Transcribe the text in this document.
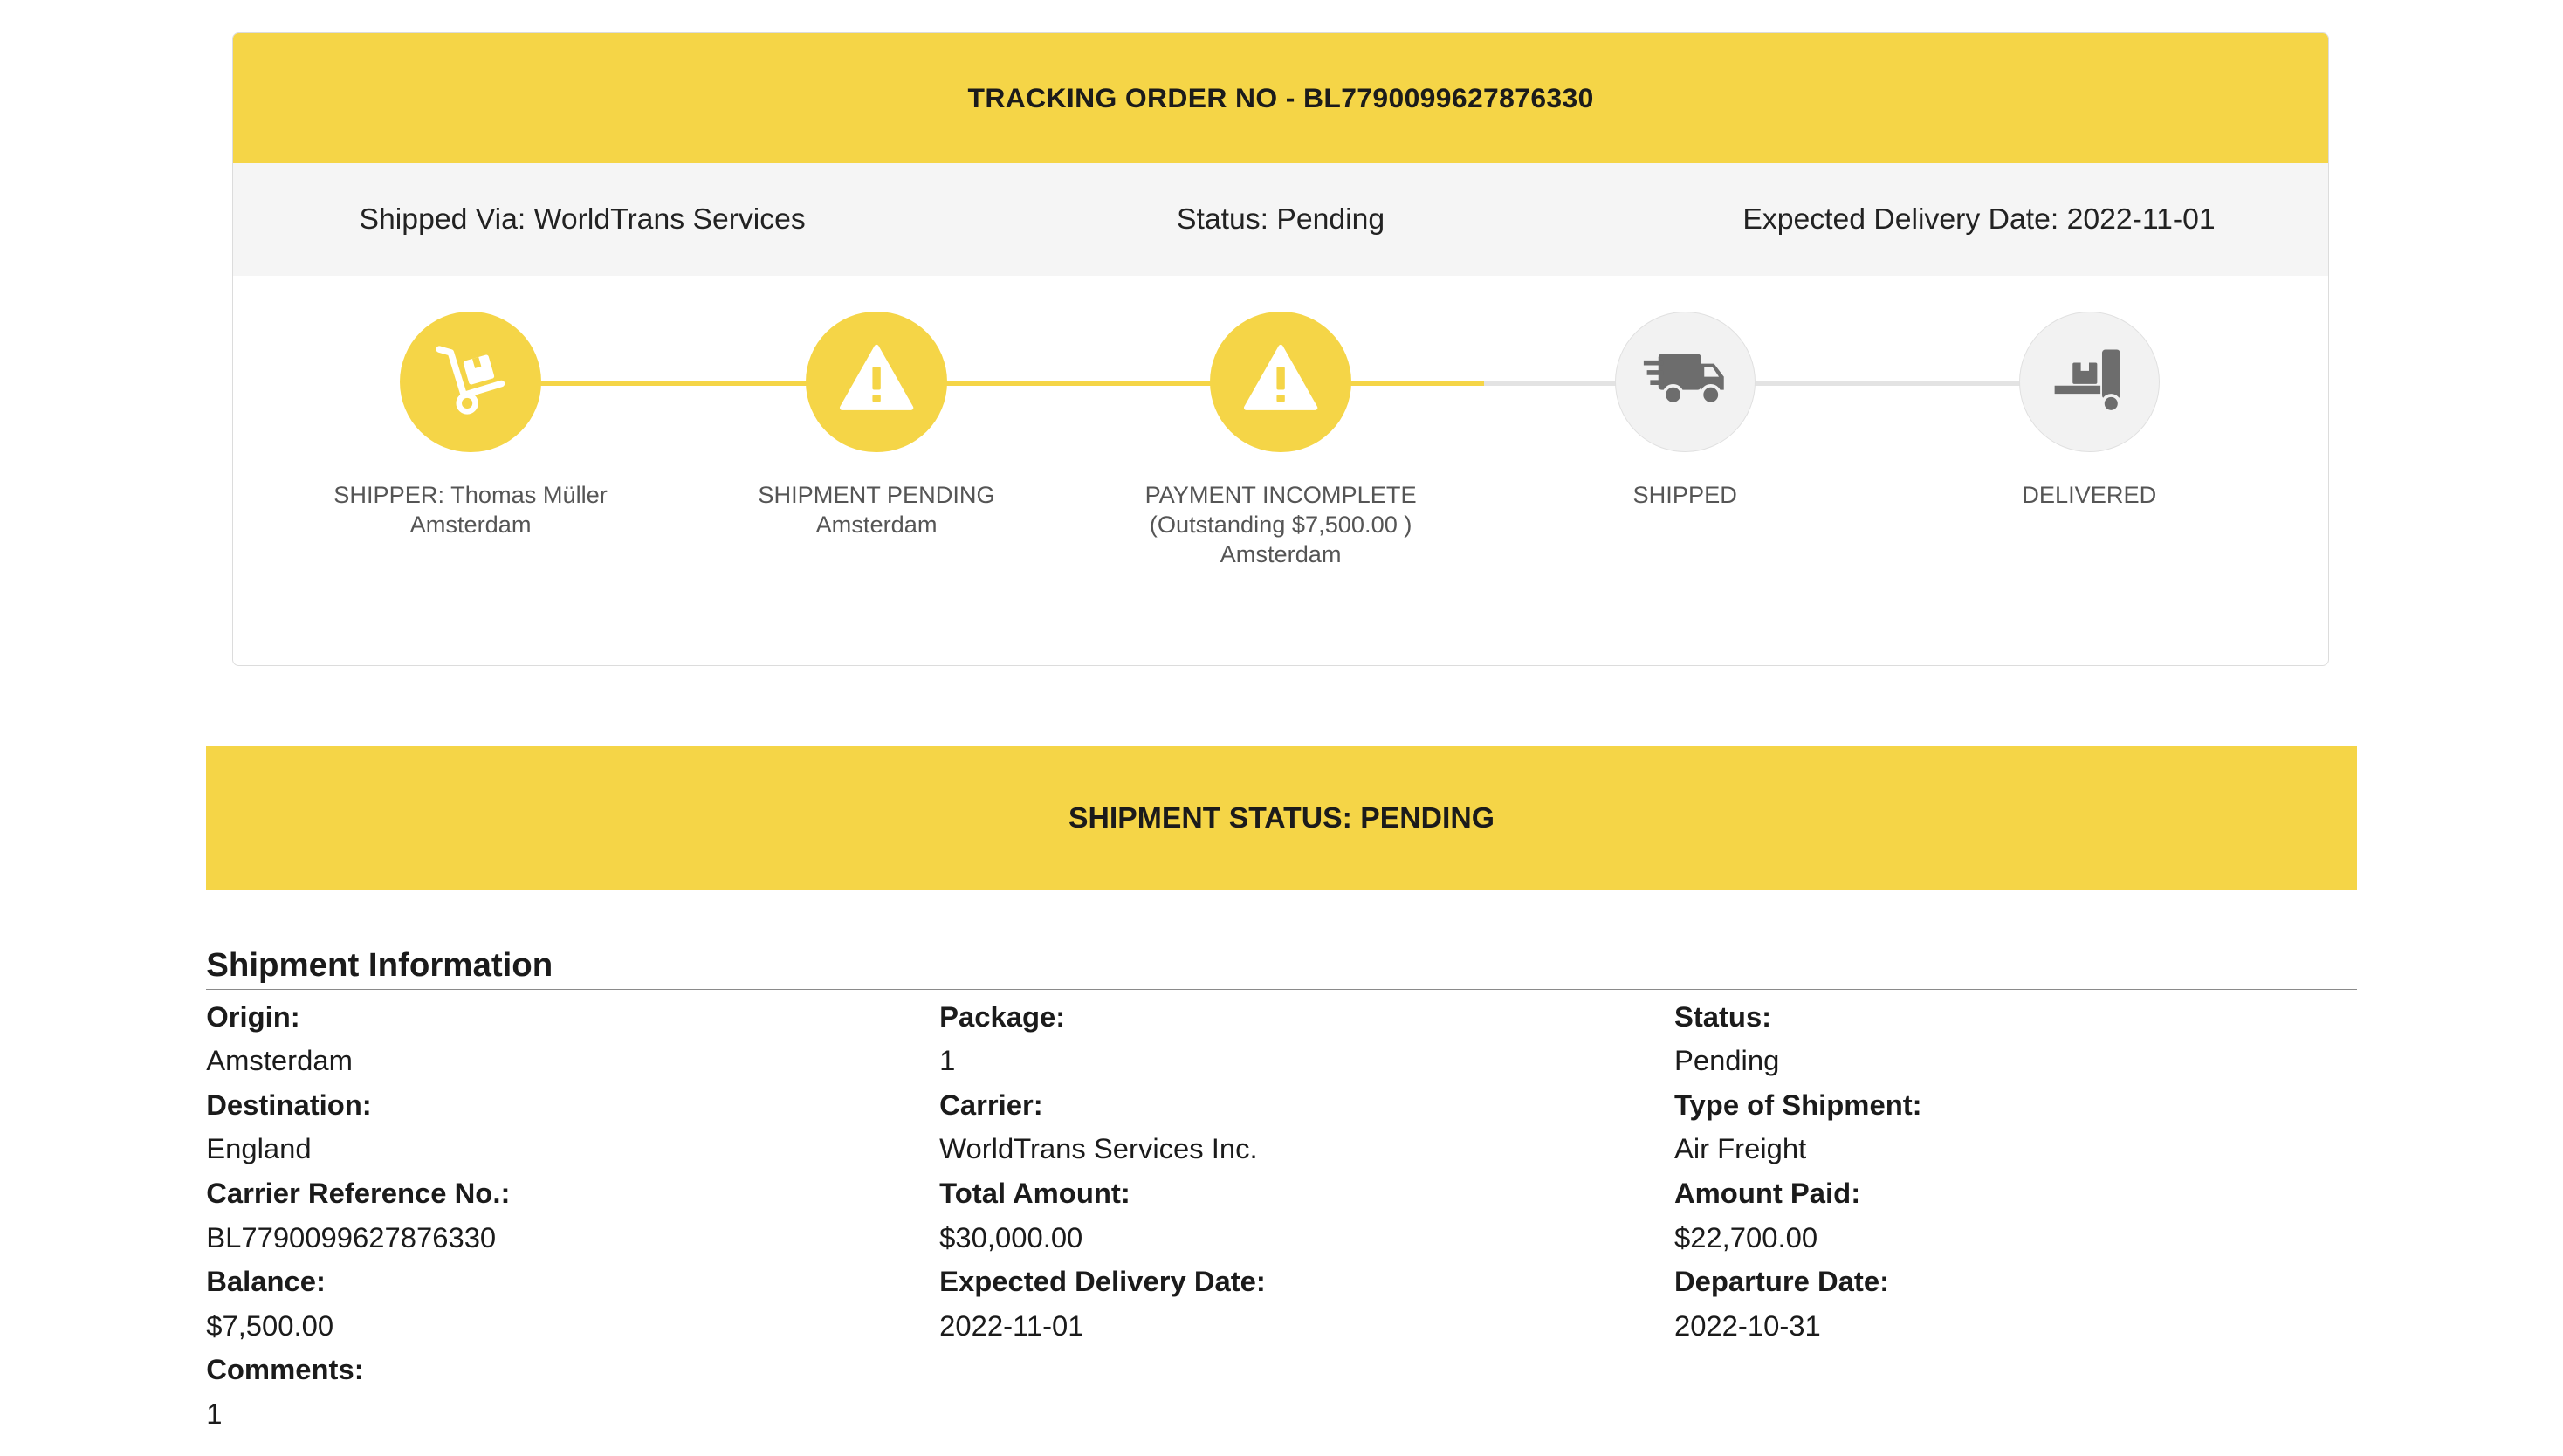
TRACKING ORDER NO - BL7790099627876330
Shipped Via: WorldTrans Services	Status: Pending	Expected Delivery Date: 2022-11-01
SHIPPER: Thomas Müller
Amsterdam
SHIPMENT PENDING
Amsterdam
PAYMENT INCOMPLETE
(Outstanding $7,500.00 )
Amsterdam
SHIPPED	DELIVERED
SHIPMENT STATUS: PENDING
Shipment Information
Origin:
Amsterdam
Destination:
England
Carrier Reference No.:
BL7790099627876330
Balance:
$7,500.00
Comments:
1
Package:
1
Carrier:
WorldTrans Services Inc.
Total Amount:
$30,000.00
Expected Delivery Date:
2022-11-01
Status:
Pending
Type of Shipment:
Air Freight
Amount Paid:
$22,700.00
Departure Date:
2022-10-31
